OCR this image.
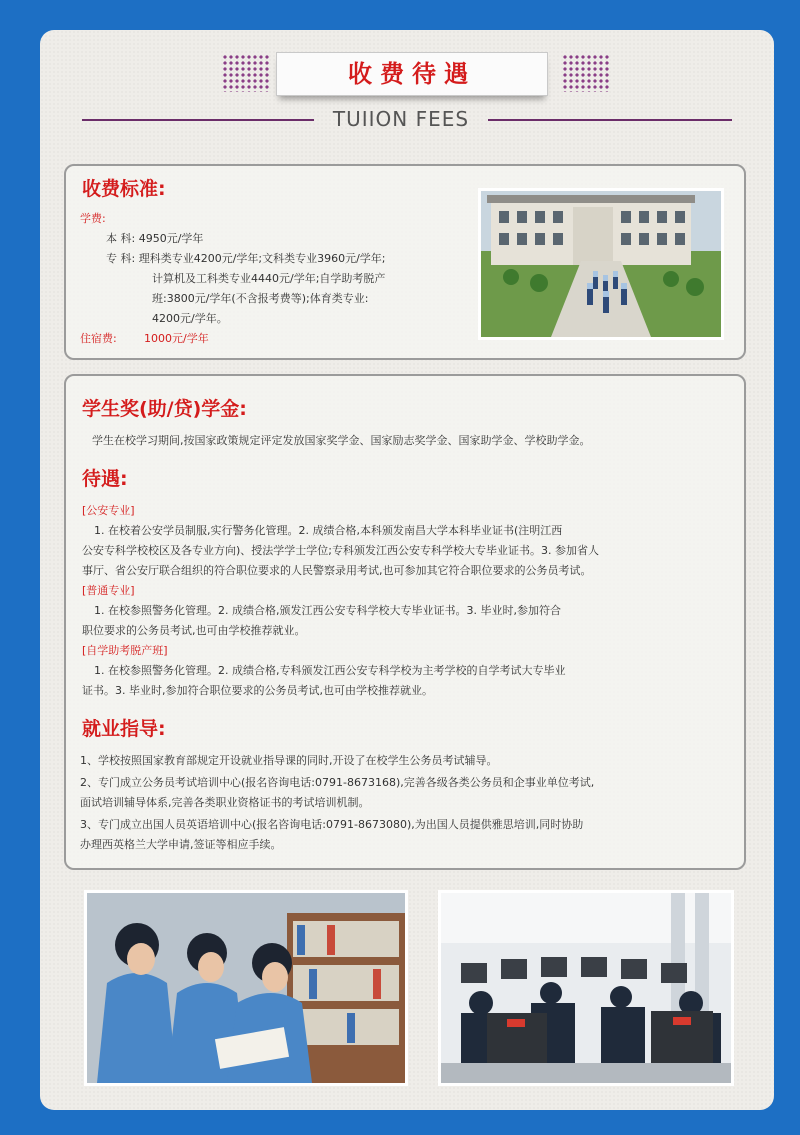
收费待遇
TUIION FEES
收费标准:
学费:
本 科: 4950元/学年
专 科: 理科类专业4200元/学年;文科类专业3960元/学年;
计算机及工科类专业4440元/学年;自学助考脱产
班:3800元/学年(不含报考费等);体育类专业:
4200元/学年。
住宿费: 1000元/学年
学生奖(助/贷)学金:
学生在校学习期间,按国家政策规定评定发放国家奖学金、国家励志奖学金、国家助学金、学校助学金。
待遇:
[公安专业]
1. 在校着公安学员制服,实行警务化管理。2. 成绩合格,本科颁发南昌大学本科毕业证书(注明江西
公安专科学校校区及各专业方向)、授法学学士学位;专科颁发江西公安专科学校大专毕业证书。3. 参加省人
事厅、省公安厅联合组织的符合职位要求的人民警察录用考试,也可参加其它符合职位要求的公务员考试。
[普通专业]
1. 在校参照警务化管理。2. 成绩合格,颁发江西公安专科学校大专毕业证书。3. 毕业时,参加符合
职位要求的公务员考试,也可由学校推荐就业。
[自学助考脱产班]
1. 在校参照警务化管理。2. 成绩合格,专科颁发江西公安专科学校为主考学校的自学考试大专毕业
证书。3. 毕业时,参加符合职位要求的公务员考试,也可由学校推荐就业。
就业指导:
1、学校按照国家教育部规定开设就业指导课的同时,开设了在校学生公务员考试辅导。
2、专门成立公务员考试培训中心(报名咨询电话:0791-8673168),完善各级各类公务员和企事业单位考试,
面试培训辅导体系,完善各类职业资格证书的考试培训机制。
3、专门成立出国人员英语培训中心(报名咨询电话:0791-8673080),为出国人员提供雅思培训,同时协助
办理西英格兰大学申请,签证等相应手续。
